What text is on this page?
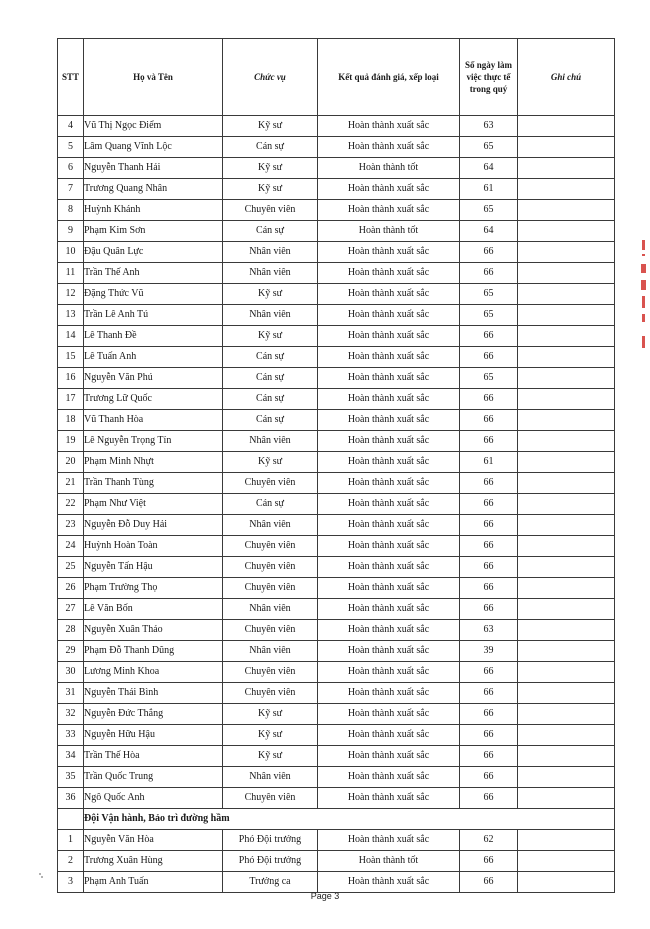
STT	Họ và Tên	Chức vụ	Kết quả đánh giá, xếp loại	Số ngày làm việc thực tế trong quý	Ghi chú
4	Vũ Thị Ngọc Điểm	Kỹ sư	Hoàn thành xuất sắc	63	
5	Lâm Quang Vĩnh Lộc	Cán sự	Hoàn thành xuất sắc	65	
6	Nguyễn Thanh Hải	Kỹ sư	Hoàn thành tốt	64	
7	Trương Quang Nhân	Kỹ sư	Hoàn thành xuất sắc	61	
8	Huỳnh Khánh	Chuyên viên	Hoàn thành xuất sắc	65	
9	Phạm Kim Sơn	Cán sự	Hoàn thành tốt	64	
10	Đậu Quân Lực	Nhân viên	Hoàn thành xuất sắc	66	
11	Trần Thế Anh	Nhân viên	Hoàn thành xuất sắc	66	
12	Đặng Thức Vũ	Kỹ sư	Hoàn thành xuất sắc	65	
13	Trần Lê Anh Tú	Nhân viên	Hoàn thành xuất sắc	65	
14	Lê Thanh Đề	Kỹ sư	Hoàn thành xuất sắc	66	
15	Lê Tuấn Anh	Cán sự	Hoàn thành xuất sắc	66	
16	Nguyễn Văn Phú	Cán sự	Hoàn thành xuất sắc	65	
17	Trương Lữ Quốc	Cán sự	Hoàn thành xuất sắc	66	
18	Vũ Thanh Hòa	Cán sự	Hoàn thành xuất sắc	66	
19	Lê Nguyễn Trọng Tín	Nhân viên	Hoàn thành xuất sắc	66	
20	Phạm Minh Nhựt	Kỹ sư	Hoàn thành xuất sắc	61	
21	Trần Thanh Tùng	Chuyên viên	Hoàn thành xuất sắc	66	
22	Phạm Như Việt	Cán sự	Hoàn thành xuất sắc	66	
23	Nguyễn Đỗ Duy Hải	Nhân viên	Hoàn thành xuất sắc	66	
24	Huỳnh Hoàn Toàn	Chuyên viên	Hoàn thành xuất sắc	66	
25	Nguyễn Tấn Hậu	Chuyên viên	Hoàn thành xuất sắc	66	
26	Phạm Trường Thọ	Chuyên viên	Hoàn thành xuất sắc	66	
27	Lê Văn Bốn	Nhân viên	Hoàn thành xuất sắc	66	
28	Nguyễn Xuân Thảo	Chuyên viên	Hoàn thành xuất sắc	63	
29	Phạm Đỗ Thanh Dũng	Nhân viên	Hoàn thành xuất sắc	39	
30	Lương Minh Khoa	Chuyên viên	Hoàn thành xuất sắc	66	
31	Nguyễn Thái Bình	Chuyên viên	Hoàn thành xuất sắc	66	
32	Nguyễn Đức Thắng	Kỹ sư	Hoàn thành xuất sắc	66	
33	Nguyễn Hữu Hậu	Kỹ sư	Hoàn thành xuất sắc	66	
34	Trần Thế Hòa	Kỹ sư	Hoàn thành xuất sắc	66	
35	Trần Quốc Trung	Nhân viên	Hoàn thành xuất sắc	66	
36	Ngô Quốc Anh	Chuyên viên	Hoàn thành xuất sắc	66	
	Đội Vận hành, Bảo trì đường hầm				
1	Nguyễn Văn Hòa	Phó Đội trưởng	Hoàn thành xuất sắc	62	
2	Trương Xuân Hùng	Phó Đội trưởng	Hoàn thành tốt	66	
3	Phạm Anh Tuấn	Trưởng ca	Hoàn thành xuất sắc	66	
Page 3
